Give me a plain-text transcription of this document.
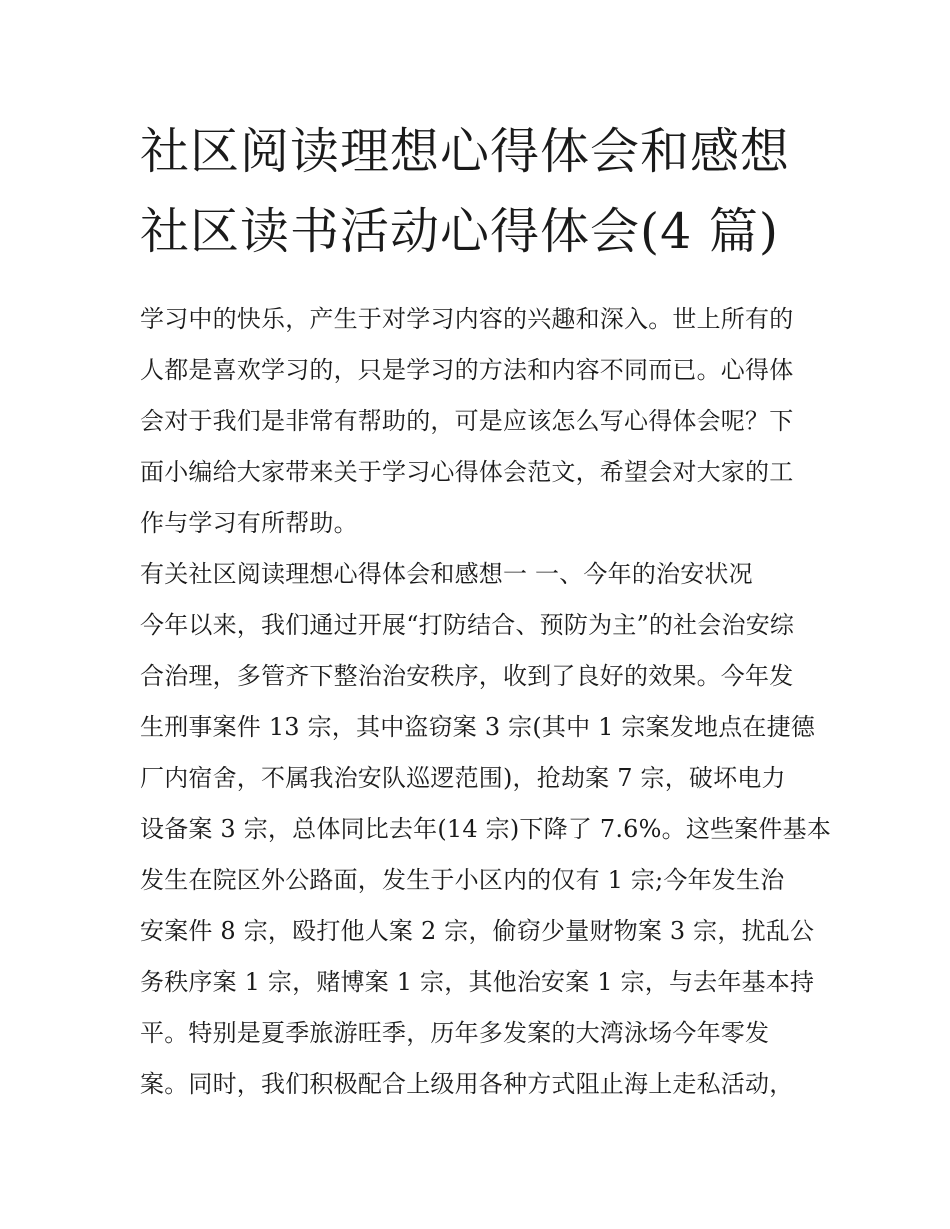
社区阅读理想心得体会和感想
社区读书活动心得体会(4 篇)
学习中的快乐，产生于对学习内容的兴趣和深入。世上所有的
人都是喜欢学习的，只是学习的方法和内容不同而已。心得体
会对于我们是非常有帮助的，可是应该怎么写心得体会呢？下
面小编给大家带来关于学习心得体会范文，希望会对大家的工
作与学习有所帮助。
有关社区阅读理想心得体会和感想一 一、今年的治安状况
今年以来，我们通过开展“打防结合、预防为主”的社会治安综
合治理，多管齐下整治治安秩序，收到了良好的效果。今年发
生刑事案件 13 宗，其中盗窃案 3 宗(其中 1 宗案发地点在捷德
厂内宿舍，不属我治安队巡逻范围)，抢劫案 7 宗，破坏电力
设备案 3 宗，总体同比去年(14 宗)下降了 7.6%。这些案件基本
发生在院区外公路面，发生于小区内的仅有 1 宗;今年发生治
安案件 8 宗，殴打他人案 2 宗，偷窃少量财物案 3 宗，扰乱公
务秩序案 1 宗，赌博案 1 宗，其他治安案 1 宗，与去年基本持
平。特别是夏季旅游旺季，历年多发案的大湾泳场今年零发
案。同时，我们积极配合上级用各种方式阻止海上走私活动，
